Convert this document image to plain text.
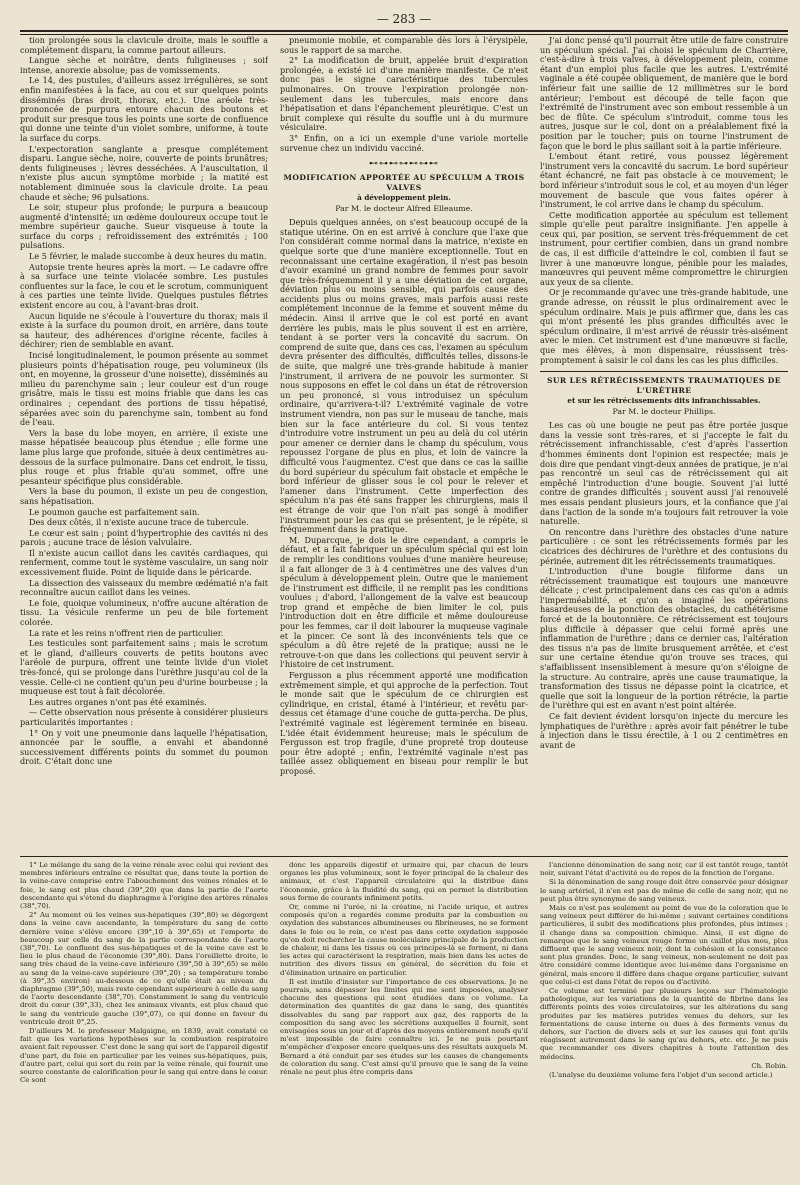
— 283 —

tion prolongée sous la clavicule droite, mais le souffle a complétement disparu, la comme partout ailleurs.

Langue sèche et noirâtre, dents fuligineuses ; soif intense, anorexie absolue; pas de vomissements.

Le 14, des pustules, d'ailleurs assez irrégulières, se sont enfin manifestées à la face, au cou et sur quelques points disséminés (bras droit, thorax, etc.). Une aréole très-prononcée de purpura entoure chacun des boutons et produit sur presque tous les points une sorte de confluence qui donne une teinte d'un violet sombre, uniforme, à toute la surface du corps.

L'expectoration sanglante a presque complétement disparu. Langue sèche, noire, couverte de points brunâtres; dents fuligineuses ; lèvres desséchées. A l'auscultation, il n'existe plus aucun symptôme morbide ; la matité est notablement diminuée sous la clavicule droite. La peau chaude et sèche; 96 pulsations.

Le soir, stupeur plus profonde; le purpura a beaucoup augmenté d'intensité; un œdème douloureux occupe tout le membre supérieur gauche. Sueur visqueuse à toute la surface du corps ; refroidissement des extrémités ; 100 pulsations.

Le 5 février, le malade succombe à deux heures du matin.

Autopsie trente heures après la mort. — Le cadavre offre à sa surface une teinte violacée sombre. Les pustules confluentes sur la face, le cou et le scrotum, communiquent à ces parties une teinte livide. Quelques pustules flétries existent encore au cou, à l'avant-bras droit.

Aucun liquide ne s'écoule à l'ouverture du thorax; mais il existe à la surface du poumon droit, en arrière, dans toute sa hauteur, des adhérences d'origine récente, faciles à déchirer; rien de semblable en avant.

Incisé longitudinalement, le poumon présente au sommet plusieurs points d'hépatisation rouge, peu volumineux (ils ont, en moyenne, la grosseur d'une noisette), disséminés au milieu du parenchyme sain ; leur couleur est d'un rouge grisâtre, mais le tissu est moins friable que dans les cas ordinaires ; cependant des portions de tissu hépatisé, séparées avec soin du parenchyme sain, tombent au fond de l'eau.

Vers la base du lobe moyen, en arrière, il existe une masse hépatisée beaucoup plus étendue ; elle forme une lame plus large que profonde, située à deux centimètres au-dessous de la surface pulmonaire. Dans cet endroit, le tissu, plus rouge et plus friable qu'au sommet, offre une pesanteur spécifique plus considérable.

Vers la base du poumon, il existe un peu de congestion, sans hépatisation.

Le poumon gauche est parfaitement sain.

Des deux côtés, il n'existe aucune trace de tubercule.

Le cœur est sain ; point d'hypertrophie des cavités ni des parois ; aucune trace de lésion valvulaire.

Il n'existe aucun caillot dans les cavités cardiaques, qui renferment, comme tout le système vasculaire, un sang noir excessivement fluide. Point de liquide dans le péricarde.

La dissection des vaisseaux du membre œdématié n'a fait reconnaître aucun caillot dans les veines.

Le foie, quoique volumineux, n'offre aucune altération de tissu. La vésicule renferme un peu de bile fortement colorée.

La rate et les reins n'offrent rien de particulier.

Les testicules sont parfaitement sains ; mais le scrotum et le gland, d'ailleurs couverts de petits boutons avec l'aréole de purpura, offrent une teinte livide d'un violet très-foncé, qui se prolonge dans l'urèthre jusqu'au col de la vessie. Celle-ci ne contient qu'un peu d'urine bourbeuse ; la muqueuse est tout à fait décolorée.

Les autres organes n'ont pas été examinés.

— Cette observation nous présente à considérer plusieurs particularités importantes :

1° On y voit une pneumonie dans laquelle l'hépatisation, annoncée par le souffle, a envahi et abandonné successivement différents points du sommet du poumon droit. C'était donc une

pneumonie mobile, et comparable dès lors à l'érysipèle, sous le rapport de sa marche.

2° La modification de bruit, appelée bruit d'expiration prolongée, a existé ici d'une manière manifeste. Ce n'est donc pas le signe caractéristique des tubercules pulmonaires. On trouve l'expiration prolongée non-seulement dans les tubercules, mais encore dans l'hépatisation et dans l'épanchement pleurétique. C'est un bruit complexe qui résulte du souffle uni à du murmure vésiculaire.

3° Enfin, on a ici un exemple d'une variole mortelle survenue chez un individu vacciné.

⊷⊶⊷⊶⊷⊶⊷
MODIFICATION APPORTÉE AU SPÉCULUM A TROIS VALVES
à développement plein.
Par M. le docteur Alfred Elleaume.

Depuis quelques années, on s'est beaucoup occupé de la statique utérine. On en est arrivé à conclure que l'axe que l'on considérait comme normal dans la matrice, n'existe en quelque sorte que d'une manière exceptionnelle. Tout en reconnaissant une certaine exagération, il n'est pas besoin d'avoir examiné un grand nombre de femmes pour savoir que très-fréquemment il y a une déviation de cet organe, déviation plus ou moins sensible, qui parfois cause des accidents plus ou moins graves, mais parfois aussi reste complétement inconnue de la femme et souvent même du médecin. Ainsi il arrive que le col est porté en avant derrière les pubis, mais le plus souvent il est en arrière, tendant à se porter vers la concavité du sacrum. On comprend de suite que, dans ces cas, l'examen au spéculum devra présenter des difficultés, difficultés telles, dissons-le de suite, que malgré une très-grande habitude à manier l'instrument, il arrivera de ne pouvoir les surmonter. Si nous supposons en effet le col dans un état de rétroversion un peu prononcé, si vous introduisez un spéculum ordinaire, qu'arrivera-t-il? L'extrémité vaginale de votre instrument viendra, non pas sur le museau de tanche, mais bien sur la face antérieure du col. Si vous tentez d'introduire votre instrument un peu au delà du col utérin pour amener ce dernier dans le champ du spéculum, vous repoussez l'organe de plus en plus, et loin de vaincre la difficulté vous l'augmentez. C'est que dans ce cas la saillie du bord supérieur du spéculum fait obstacle et empêche le bord inférieur de glisser sous le col pour le relever et l'amener dans l'instrument. Cette imperfection des spéculum n'a pas été sans frapper les chirurgiens, mais il est étrange de voir que l'on n'ait pas songé à modifier l'instrument pour les cas qui se présentent, je le répète, si fréquemment dans la pratique.

M. Duparcque, je dois le dire cependant, a compris le défaut, et a fait fabriquer un spéculum spécial qui est loin de remplir les conditions voulues d'une manière heureuse; il a fait allonger de 3 à 4 centimètres une des valves d'un spéculum à développement plein. Outre que le maniement de l'instrument est difficile, il ne remplit pas les conditions voulues ; d'abord, l'allongement de la valve est beaucoup trop grand et empêche de bien limiter le col, puis l'introduction doit en être difficile et même douloureuse pour les femmes, car il doit labourer la muqueuse vaginale et la pincer. Ce sont là des inconvénients tels que ce spéculum a dû être rejeté de la pratique; aussi ne le retrouve-t-on que dans les collections qui peuvent servir à l'histoire de cet instrument.

Fergusson a plus récemment apporté une modification extrêmement simple, et qui approche de la perfection. Tout le monde sait que le spéculum de ce chirurgien est cylindrique, en cristal, étamé à l'intérieur, et revêtu par-dessus cet étamage d'une couche de gutta-percha. De plus, l'extrémité vaginale est légèrement terminée en biseau. L'idée était évidemment heureuse; mais le spéculum de Fergusson est trop fragile, d'une propreté trop douteuse pour être adopté ; enfin, l'extrémité vaginale n'est pas taillée assez obliquement en biseau pour remplir le but proposé.

J'ai donc pensé qu'il pourrait être utile de faire construire un spéculum spécial. J'ai choisi le spéculum de Charrière, c'est-à-dire à trois valves, à développement plein, comme étant d'un emploi plus facile que les autres. L'extrémité vaginale a été coupée obliquement, de manière que le bord inférieur fait une saillie de 12 millimètres sur le bord antérieur; l'embout est découpé de telle façon que l'extrémité de l'instrument avec son embout ressemble à un bec de flûte. Ce spéculum s'introduit, comme tous les autres, jusque sur le col, dont on a préalablement fixé la position par le toucher; puis on tourne l'instrument de façon que le bord le plus saillant soit à la partie inférieure.

L'embout étant retiré, vous poussez légèrement l'instrument vers la concavité du sacrum. Le bord supérieur étant échancré, ne fait pas obstacle à ce mouvement; le bord inférieur s'introduit sous le col, et au moyen d'un léger mouvement de bascule que vous faites opérer à l'instrument, le col arrive dans le champ du spéculum.

Cette modification apportée au spéculum est tellement simple qu'elle peut paraître insignifiante. J'en appelle à ceux qui, par position, se servent très-fréquemment de cet instrument, pour certifier combien, dans un grand nombre de cas, il est difficile d'atteindre le col, combien il faut se livrer à une manœuvre longue, pénible pour les malades, manœuvres qui peuvent même compromettre le chirurgien aux yeux de sa cliente.

Or je recommande qu'avec une très-grande habitude, une grande adresse, on réussit le plus ordinairement avec le spéculum ordinaire. Mais je puis affirmer que, dans les cas qui m'ont présenté les plus grandes difficultés avec le spéculum ordinaire, il m'est arrivé de réussir très-aisément avec le mien. Cet instrument est d'une manœuvre si facile, que mes élèves, à mon dispensaire, réussissent très-promptement à saisir le col dans les cas les plus difficiles.

SUR LES RÉTRÉCISSEMENTS TRAUMATIQUES DE L'URÈTHRE
et sur les rétrécissements dits infranchissables.
Par M. le docteur Phillips.

Les cas où une bougie ne peut pas être portée jusque dans la vessie sont très-rares, et si j'accepte le fait du rétrécissement infranchissable, c'est d'après l'assertion d'hommes éminents dont l'opinion est respectée; mais je dois dire que pendant vingt-deux années de pratique, je n'ai pas rencontré un seul cas de rétrécissement qui ait empêché l'introduction d'une bougie. Souvent j'ai lutté contre de grandes difficultés ; souvent aussi j'ai renouvelé mes essais pendant plusieurs jours, et la confiance que j'ai dans l'action de la sonde m'a toujours fait retrouver la voie naturelle.

On rencontre dans l'urèthre des obstacles d'une nature particulière : ce sont les rétrécissements formés par les cicatrices des déchirures de l'urèthre et des contusions du périnée, autrement dit les rétrécissements traumatiques.

L'introduction d'une bougie filiforme dans un rétrécissement traumatique est toujours une manœuvre délicate ; c'est principalement dans ces cas qu'on a admis l'imperméabilité, et qu'on a imaginé les opérations hasardeuses de la ponction des obstacles, du cathétérisme forcé et de la boutonnière. Ce rétrécissement est toujours plus difficile à dépasser que celui formé après une inflammation de l'urèthre ; dans ce dernier cas, l'altération des tissus n'a pas de limite brusquement arrêtée, et c'est sur une certaine étendue qu'on trouve ses traces, qui s'affaiblissent insensiblement à mesure qu'on s'éloigne de la structure. Au contraire, après une cause traumatique, la transformation des tissus ne dépasse point la cicatrice, et quelle que soit la longueur de la portion rétrécie, la partie de l'urèthre qui est en avant n'est point altérée.

Ce fait devient évident lorsqu'on injecte du mercure les lymphatiques de l'urèthre : après avoir fait pénétrer le tube à injection dans le tissu érectile, à 1 ou 2 centimètres en avant de

1° Le mélange du sang de la veine rénale avec celui qui revient des membres inférieurs entraîne ce résultat que, dans toute la portion de la veine-cave comprise entre l'abouchement des veines rénales et le foie, le sang est plus chaud (39°,20) que dans la partie de l'aorte descendante qui s'étend du diaphragme à l'origine des artères rénales (38°,70).

2° Au moment où les veines sus-hépatiques (39°,80) se dégorgent dans la veine cave ascendante, la température du sang de cette dernière veine s'élève encore (39°,10 à 39°,65) et l'emporte de beaucoup sur celle du sang de la partie correspondante de l'aorte (38°,70). Le confluent des sus-hépatiques et de la veine cave est le lieu le plus chaud de l'économie (39°,80). Dans l'oreillette droite, le sang très chaud de la veine-cave inférieure (39°,50 à 39°,65) se mêle au sang de la veine-cave supérieure (39°,20) ; sa température tombe (à 39°,35 environ) au-dessous de ce qu'elle était au niveau du diaphragme (39°,50), mais reste cependant supérieure à celle du sang de l'aorte descendante (38°,70). Constamment le sang du ventricule droit du cœur (39°,33), chez les animaux vivants, est plus chaud que le sang du ventricule gauche (39°,07), ce qui donne en faveur du ventricule droit 0°,25.

D'ailleurs M. le professeur Malgaigne, en 1839, avait constaté ce fait que les variations hypothèses sur la combustion respiratoire avaient fait repousser. C'est donc le sang qui sort de l'appareil digestif d'une part, du foie en particulier par les veines sus-hépatiques, puis, d'autre part, celui qui sort du rein par la veine rénale, qui fournit une source constante de calorification pour le sang qui entre dans le cœur. Ce sont

donc les appareils digestif et urinaire qui, par chacun de leurs organes les plus volumineux, sont le foyer principal de la chaleur des animaux, et c'est l'appareil circulatoire qui la distribue dans l'économie, grâce à la fluidité du sang, qui en permet la distribution sous forme de courants infiniment petits.

Or, comme ni l'urée, ni la créatine, ni l'acide urique, et autres composés qu'on a regardés comme produits par la combustion ou oxydation des substances albumineuses ou fibrineuses, ne se forment dans le foie ou le rein, ce n'est pas dans cette oxydation supposée qu'on doit rechercher la cause moléculaire principale de la production de chaleur, ni dans les tissus où ces principes-là se forment, ni dans les actes qui caractérisent la respiration, mais bien dans les actes de nutrition des divers tissus en général, de sécrétion du foie et d'élimination urinaire en particulier.

Il est inutile d'insister sur l'importance de ces observations. Je ne pourrais, sans dépasser les limites qui me sont imposées, analyser chacune des questions qui sont étudiées dans ce volume. La détermination des quantités de gaz dans le sang, des quantités dissolvables du sang par rapport aux gaz, des rapports de la composition du sang avec les sécrétions auxquelles il fournit, sont envisagées sous un jour et d'après des moyens entièrement neufs qu'il m'est impossible de faire connaître ici. Je ne puis pourtant m'empêcher d'exposer encore quelques-uns des résultats auxquels M. Bernard a été conduit par ses études sur les causes de changements de coloration du sang. C'est ainsi qu'il prouve que le sang de la veine rénale ne peut plus être compris dans

l'ancienne dénomination de sang noir, car il est tantôt rouge, tantôt noir, suivant l'état d'activité ou de repos de la fonction de l'organe.

Si la dénomination de sang rouge doit être conservée pour désigner le sang artériel, il n'en est pas de même de celle de sang noir, qui ne peut plus être synonyme de sang veineux.

Mais ce n'est pas seulement au point de vue de la coloration que le sang veineux peut différer de lui-même ; suivant certaines conditions particulières, il subit des modifications plus profondes, plus intimes ; il change dans sa composition chimique. Ainsi, il est digne de remarque que le sang veineux rouge forme un caillot plus mou, plus diffluent que le sang veineux noir, dont la cohésion et la consistance sont plus grandes. Donc, le sang veineux, non-seulement ne doit pas être considéré comme identique avec lui-même dans l'organisme en général, mais encore il diffère dans chaque organe particulier, suivant que celui-ci est dans l'état de repos ou d'activité.

Ce volume est terminé par plusieurs leçons sur l'hématologie pathologique, sur les variations de la quantité de fibrine dans les différents points des voies circulatoires, sur les altérations du sang produites par les matières putrides venues du dehors, sur les fermentations de cause interne ou dues à des ferments venus du dehors, sur l'action de divers sels et sur les causes qui font qu'ils réagissent autrement dans le sang qu'au dehors, etc. etc. Je ne puis que recommander ces divers chapitres à toute l'attention des médecins.

Ch. Robin.

(L'analyse du deuxième volume fera l'objet d'un second article.)
